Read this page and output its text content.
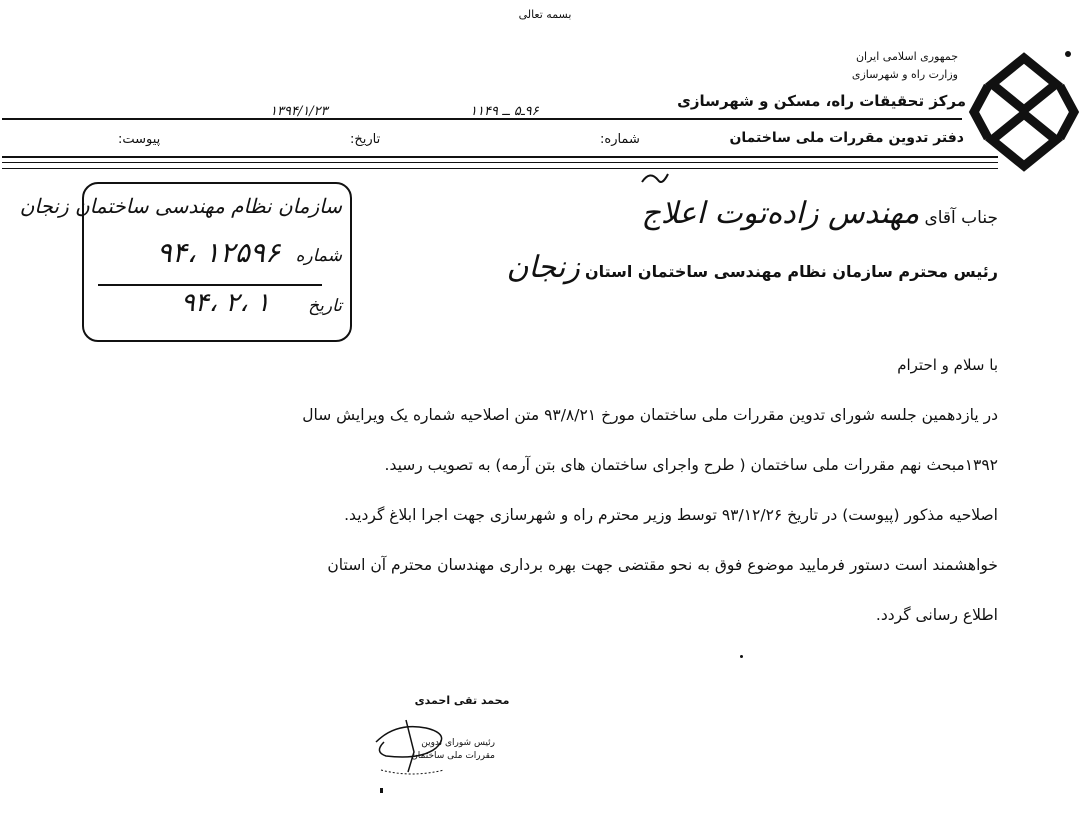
بسمه تعالی
جمهوری اسلامی ایران
وزارت راه و شهرسازی
مرکز تحقیقات راه، مسکن و شهرسازی
دفتر تدوین مقررات ملی ساختمان
شماره:
۹۶ـ۵ ــ ۱۱۴۹
تاریخ:
۱۳۹۴/۱/۲۳
پیوست:
سازمان نظام مهندسی ساختمان زنجان
شماره
۹۴، ۱۲۵۹۶
تاریخ
۹۴، ۲، ۱
جناب آقای مهندس زاده‌توت اعلاج
رئیس محترم سازمان نظام مهندسی ساختمان استان زنجان
با سلام و احترام
در یازدهمین جلسه شورای تدوین مقررات ملی ساختمان مورخ ۹۳/۸/۲۱ متن اصلاحیه شماره یک ویرایش سال
۱۳۹۲مبحث نهم مقررات ملی ساختمان ( طرح واجرای ساختمان های بتن آرمه) به تصویب رسید.
اصلاحیه مذکور (پیوست) در تاریخ ۹۳/۱۲/۲۶ توسط وزیر محترم راه و شهرسازی جهت اجرا ابلاغ گردید.
خواهشمند است دستور فرمایید موضوع فوق به نحو مقتضی جهت بهره برداری مهندسان محترم آن استان
اطلاع رسانی گردد.
محمد تقی احمدی
رئیس شورای تدوین
مقررات ملی ساختمان
